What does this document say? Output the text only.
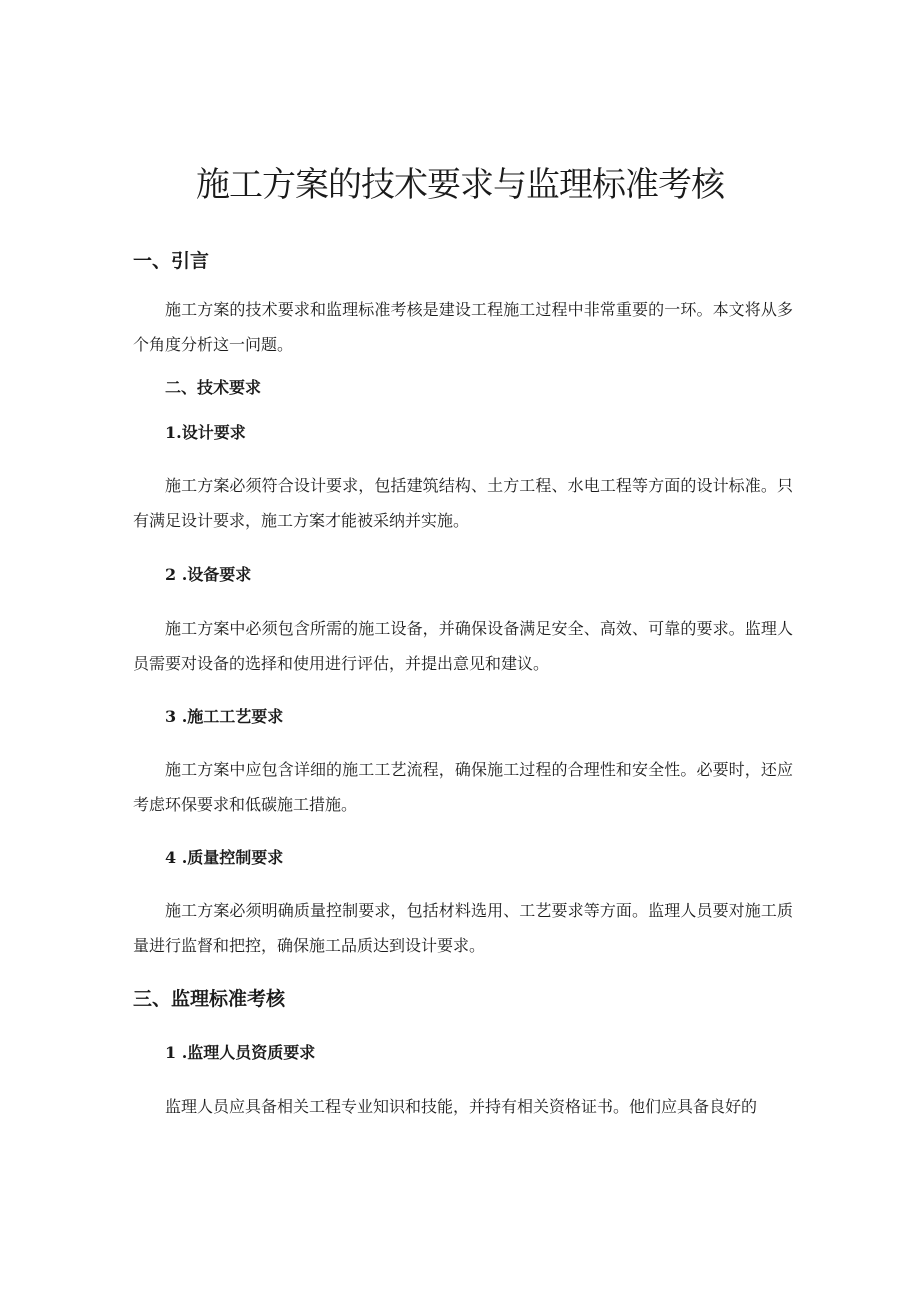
施工方案的技术要求与监理标准考核
一、引言

施工方案的技术要求和监理标准考核是建设工程施工过程中非常重要的一环。本文将从多个角度分析这一问题。

二、技术要求
1.设计要求

施工方案必须符合设计要求，包括建筑结构、土方工程、水电工程等方面的设计标准。只有满足设计要求，施工方案才能被采纳并实施。

2 .设备要求

施工方案中必须包含所需的施工设备，并确保设备满足安全、高效、可靠的要求。监理人员需要对设备的选择和使用进行评估，并提出意见和建议。

3 .施工工艺要求

施工方案中应包含详细的施工工艺流程，确保施工过程的合理性和安全性。必要时，还应考虑环保要求和低碳施工措施。

4 .质量控制要求

施工方案必须明确质量控制要求，包括材料选用、工艺要求等方面。监理人员要对施工质量进行监督和把控，确保施工品质达到设计要求。

三、监理标准考核
1 .监理人员资质要求

监理人员应具备相关工程专业知识和技能，并持有相关资格证书。他们应具备良好的
